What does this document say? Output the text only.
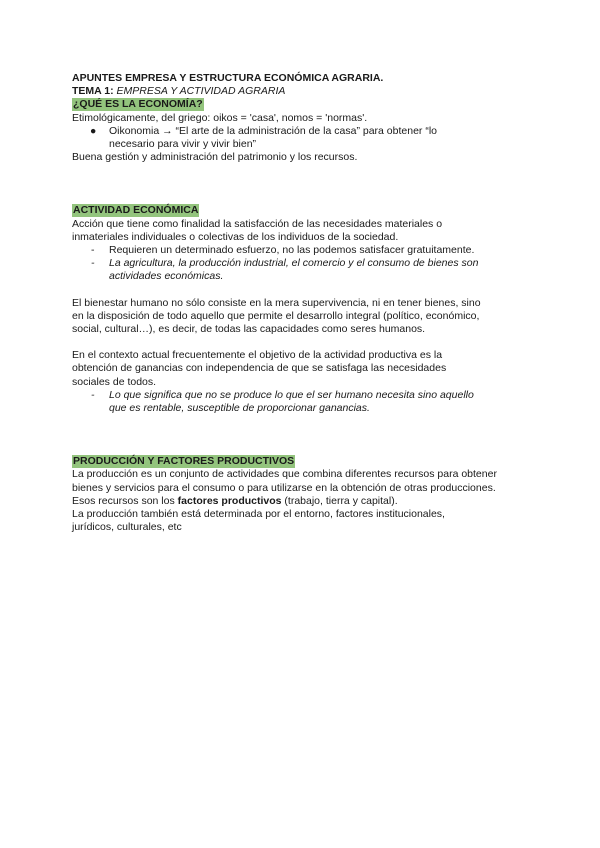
APUNTES EMPRESA Y ESTRUCTURA ECONÓMICA AGRARIA.

TEMA 1: EMPRESA Y ACTIVIDAD AGRARIA

¿QUÉ ES LA ECONOMÍA?

Etimológicamente, del griego: oikos = 'casa', nomos = 'normas'.

● Oikonomia → “El arte de la administración de la casa” para obtener “lo

necesario para vivir y vivir bien”

Buena gestión y administración del patrimonio y los recursos.

ACTIVIDAD ECONÓMICA

Acción que tiene como finalidad la satisfacción de las necesidades materiales o

inmateriales individuales o colectivas de los individuos de la sociedad.

- Requieren un determinado esfuerzo, no las podemos satisfacer gratuitamente.

- La agricultura, la producción industrial, el comercio y el consumo de bienes son

actividades económicas.

El bienestar humano no sólo consiste en la mera supervivencia, ni en tener bienes, sino

en la disposición de todo aquello que permite el desarrollo integral (político, económico,

social, cultural…), es decir, de todas las capacidades como seres humanos.

En el contexto actual frecuentemente el objetivo de la actividad productiva es la

obtención de ganancias con independencia de que se satisfaga las necesidades

sociales de todos.

- Lo que significa que no se produce lo que el ser humano necesita sino aquello

que es rentable, susceptible de proporcionar ganancias.

PRODUCCIÓN Y FACTORES PRODUCTIVOS

La producción es un conjunto de actividades que combina diferentes recursos para obtener

bienes y servicios para el consumo o para utilizarse en la obtención de otras producciones.

Esos recursos son los factores productivos (trabajo, tierra y capital).

La producción también está determinada por el entorno, factores institucionales,

jurídicos, culturales, etc
